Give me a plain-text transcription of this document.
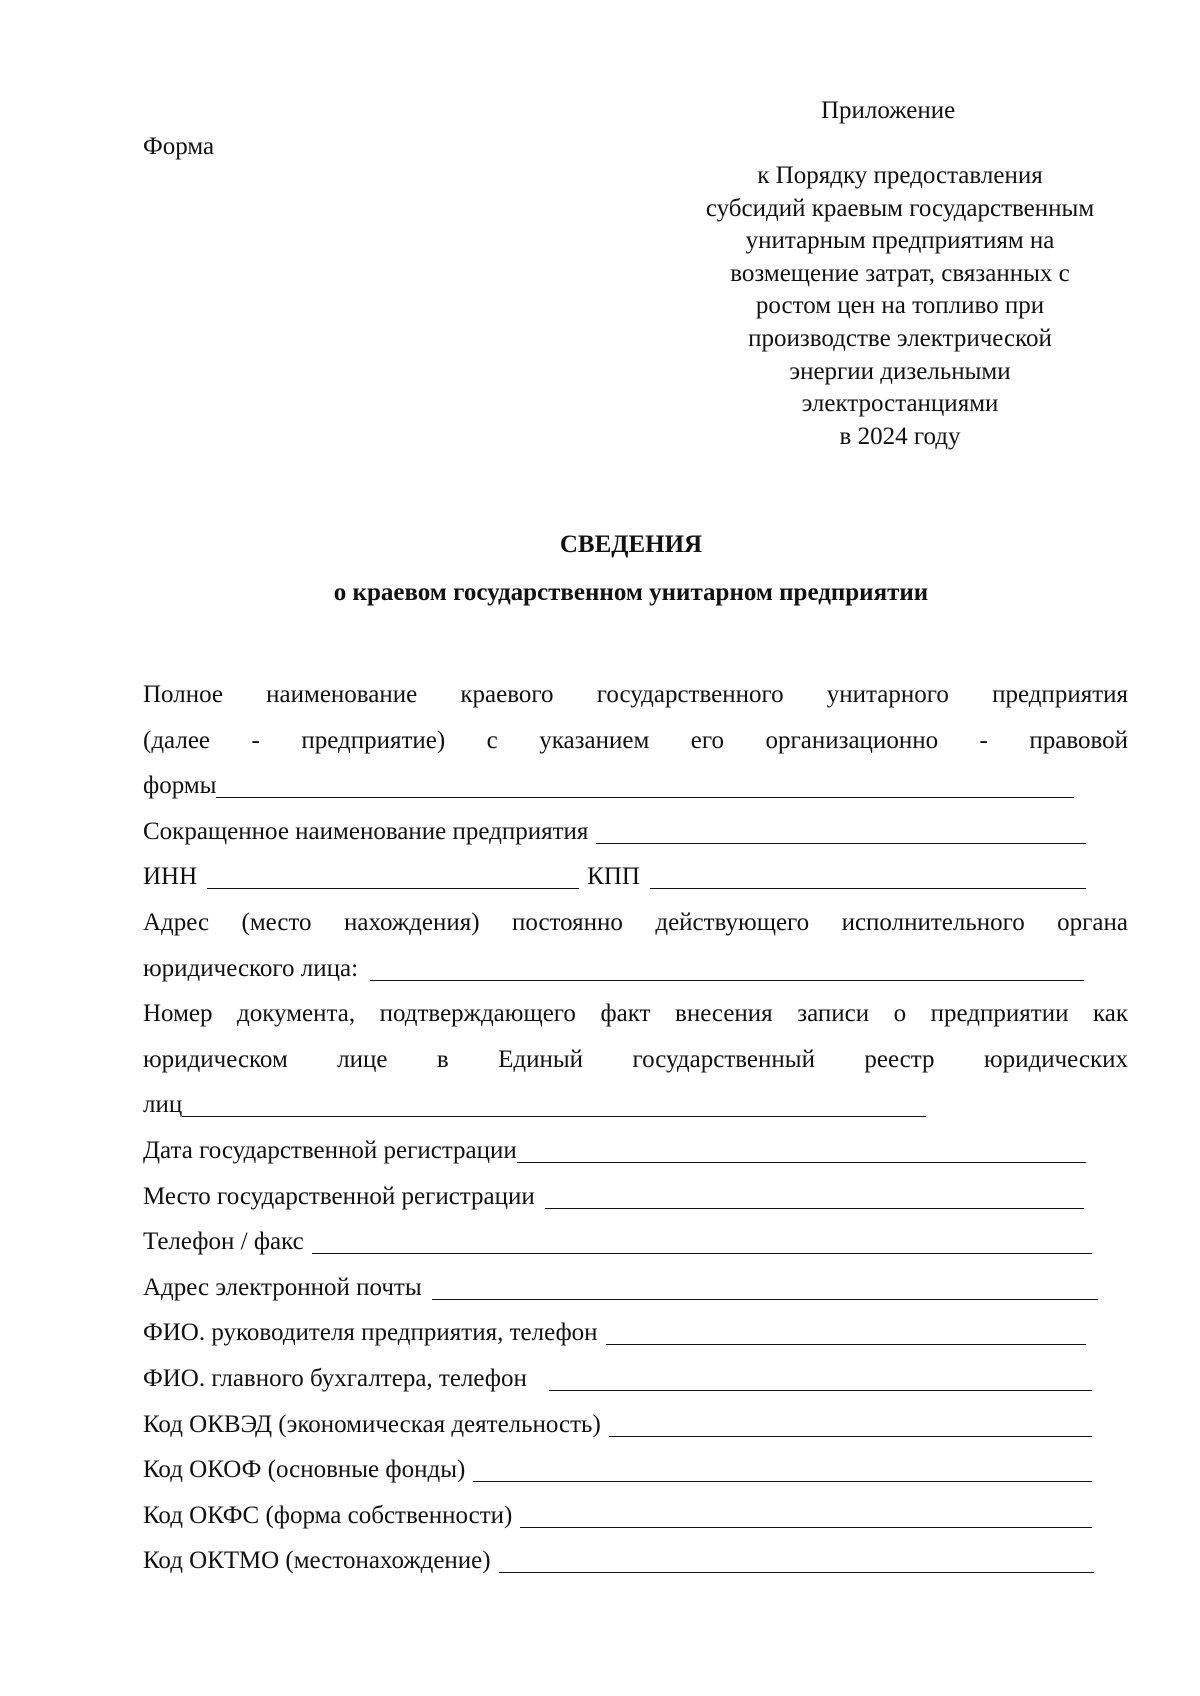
Приложение
Форма
к Порядку предоставления
субсидий краевым государственным
унитарным предприятиям на
возмещение затрат, связанных с
ростом цен на топливо при
производстве электрической
энергии дизельными
электростанциями
в 2024 году
СВЕДЕНИЯ
о краевом государственном унитарном предприятии
Полное наименование краевого государственного унитарного предприятия
(далее - предприятие) с указанием его организационно - правовой
формы
Сокращенное наименование предприятия
ИНН	КПП
Адрес (место нахождения) постоянно действующего исполнительного органа
юридического лица:
Номер документа, подтверждающего факт внесения записи о предприятии как
юридическом лице в Единый государственный реестр юридических
лиц
Дата государственной регистрации
Место государственной регистрации
Телефон / факс
Адрес электронной почты
ФИО. руководителя предприятия, телефон
ФИО. главного бухгалтера, телефон
Код ОКВЭД (экономическая деятельность)
Код ОКОФ (основные фонды)
Код ОКФС (форма собственности)
Код ОКТМО (местонахождение)
